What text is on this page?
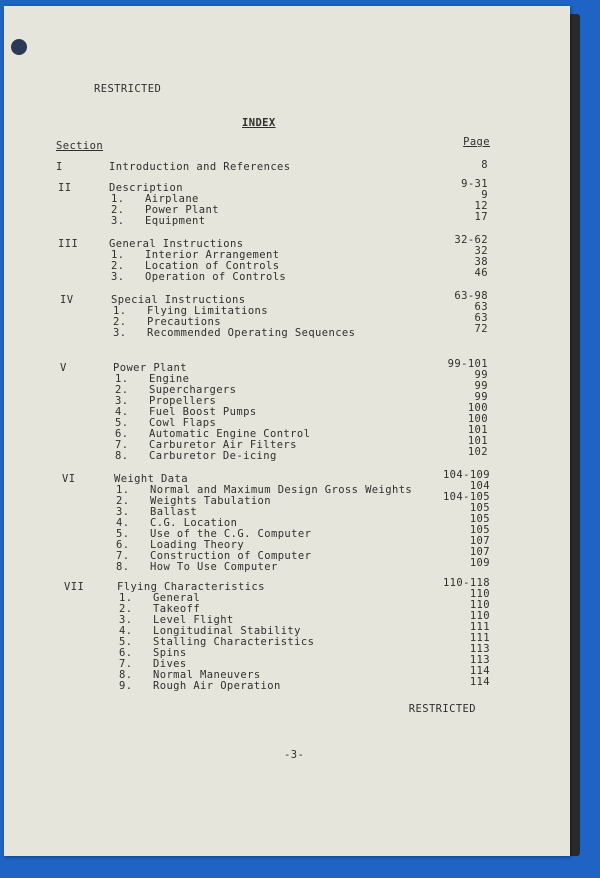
RESTRICTED

INDEX

Section	Page

I	Introduction and References	8

II	Description	9-31

1. Airplane	9

2. Power Plant	12

3. Equipment	17

III	General Instructions	32-62

1. Interior Arrangement	32

2. Location of Controls	38

3. Operation of Controls	46

IV	Special Instructions	63-98

1. Flying Limitations	63

2. Precautions	63

3. Recommended Operating Sequences	72

V	Power Plant	99-101

1. Engine	99

2. Superchargers	99

3. Propellers	99

4. Fuel Boost Pumps	100

5. Cowl Flaps	100

6. Automatic Engine Control	101

7. Carburetor Air Filters	101

8. Carburetor De-icing	102

VI	Weight Data	104-109

1. Normal and Maximum Design Gross Weights	104

2. Weights Tabulation	104-105

3. Ballast	105

4. C.G. Location	105

5. Use of the C.G. Computer	105

6. Loading Theory	107

7. Construction of Computer	107

8. How To Use Computer	109

VII	Flying Characteristics	110-118

1. General	110

2. Takeoff	110

3. Level Flight	110

4. Longitudinal Stability	111

5. Stalling Characteristics	111

6. Spins	113

7. Dives	113

8. Normal Maneuvers	114

9. Rough Air Operation	114

RESTRICTED

-3-
